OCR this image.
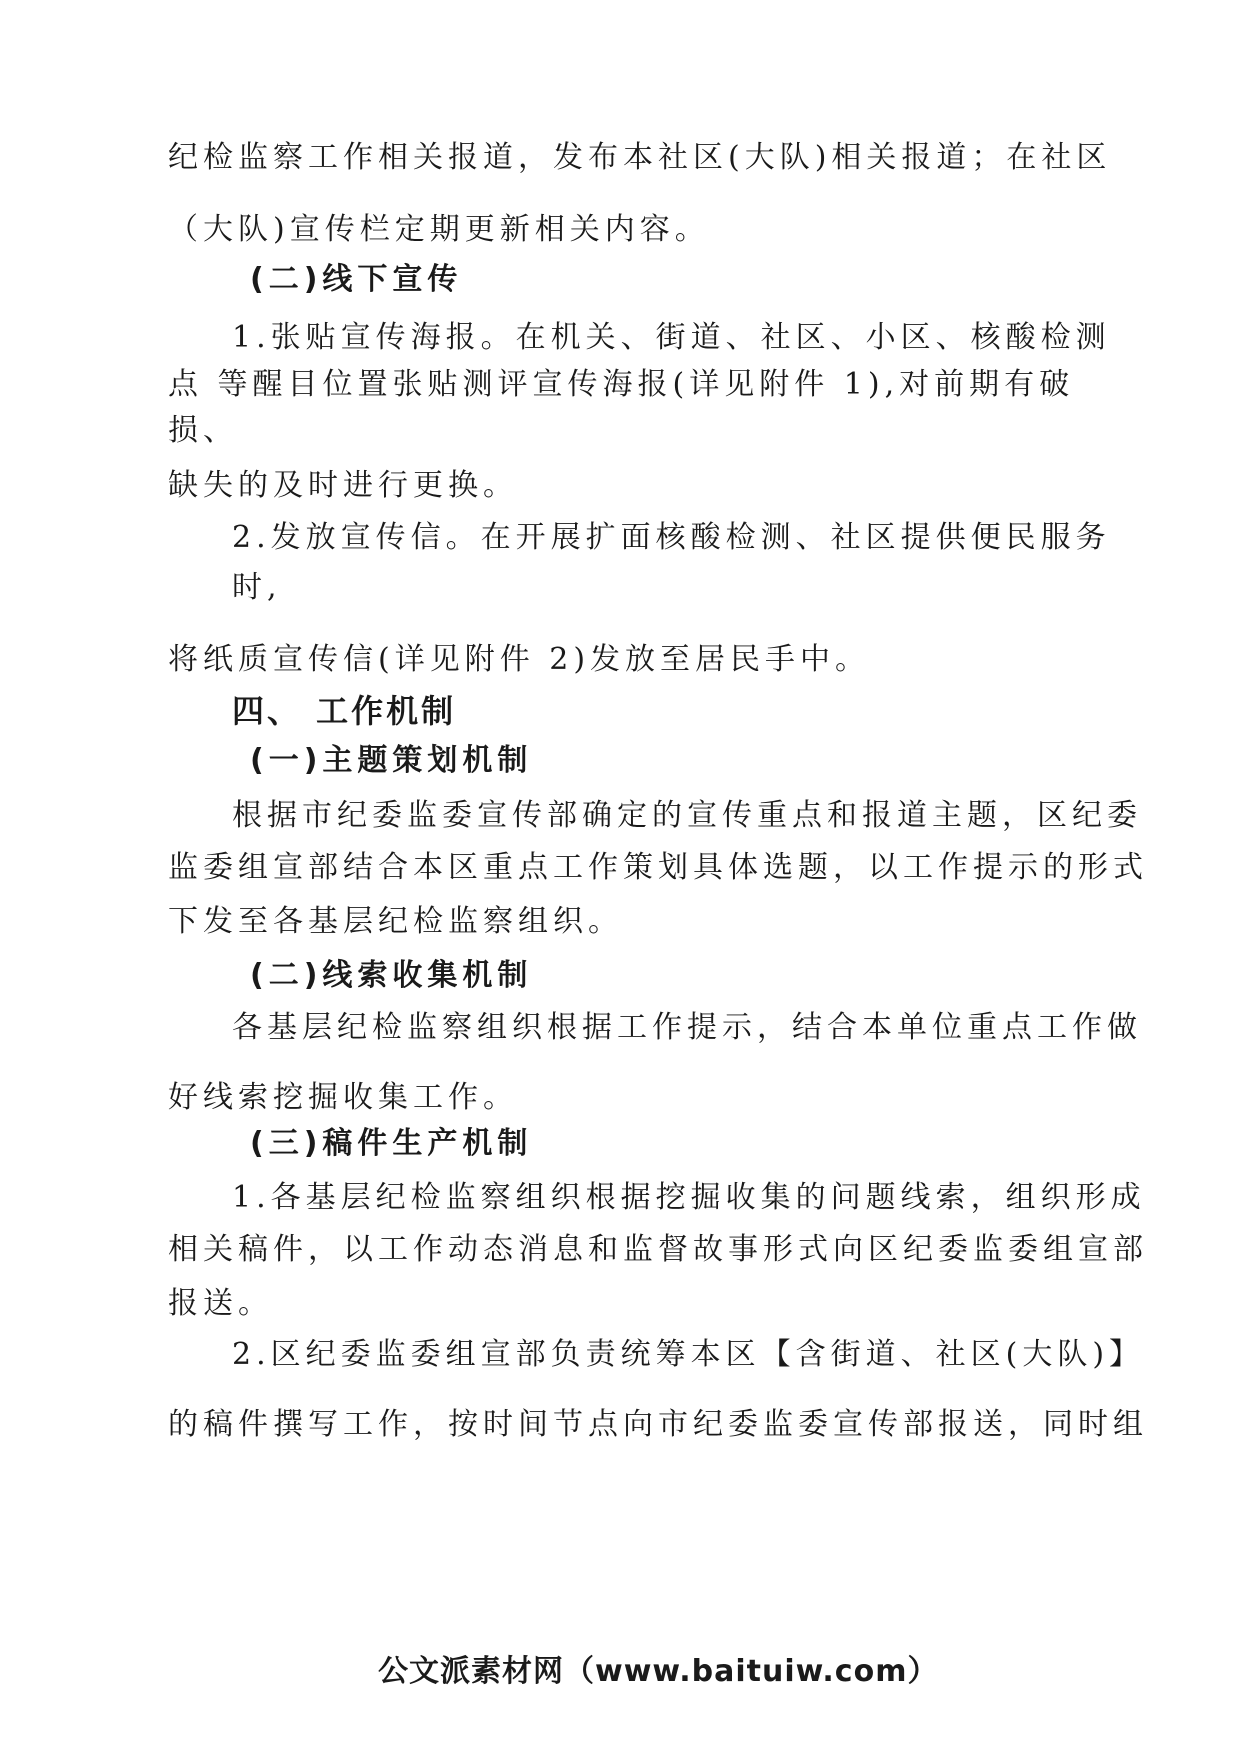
纪检监察工作相关报道，发布本社区(大队)相关报道；在社区
（大队)宣传栏定期更新相关内容。
(二)线下宣传
1.张贴宣传海报。在机关、街道、社区、小区、核酸检测
点 等醒目位置张贴测评宣传海报(详见附件 1),对前期有破
损、
缺失的及时进行更换。
2.发放宣传信。在开展扩面核酸检测、社区提供便民服务
时,
将纸质宣传信(详见附件 2)发放至居民手中。
四、 工作机制
(一)主题策划机制
根据市纪委监委宣传部确定的宣传重点和报道主题，区纪委
监委组宣部结合本区重点工作策划具体选题，以工作提示的形式
下发至各基层纪检监察组织。
(二)线索收集机制
各基层纪检监察组织根据工作提示，结合本单位重点工作做
好线索挖掘收集工作。
(三)稿件生产机制
1.各基层纪检监察组织根据挖掘收集的问题线索，组织形成
相关稿件，以工作动态消息和监督故事形式向区纪委监委组宣部
报送。
2.区纪委监委组宣部负责统筹本区【含街道、社区(大队)】
的稿件撰写工作，按时间节点向市纪委监委宣传部报送，同时组
公文派素材网（www.baituiw.com）
